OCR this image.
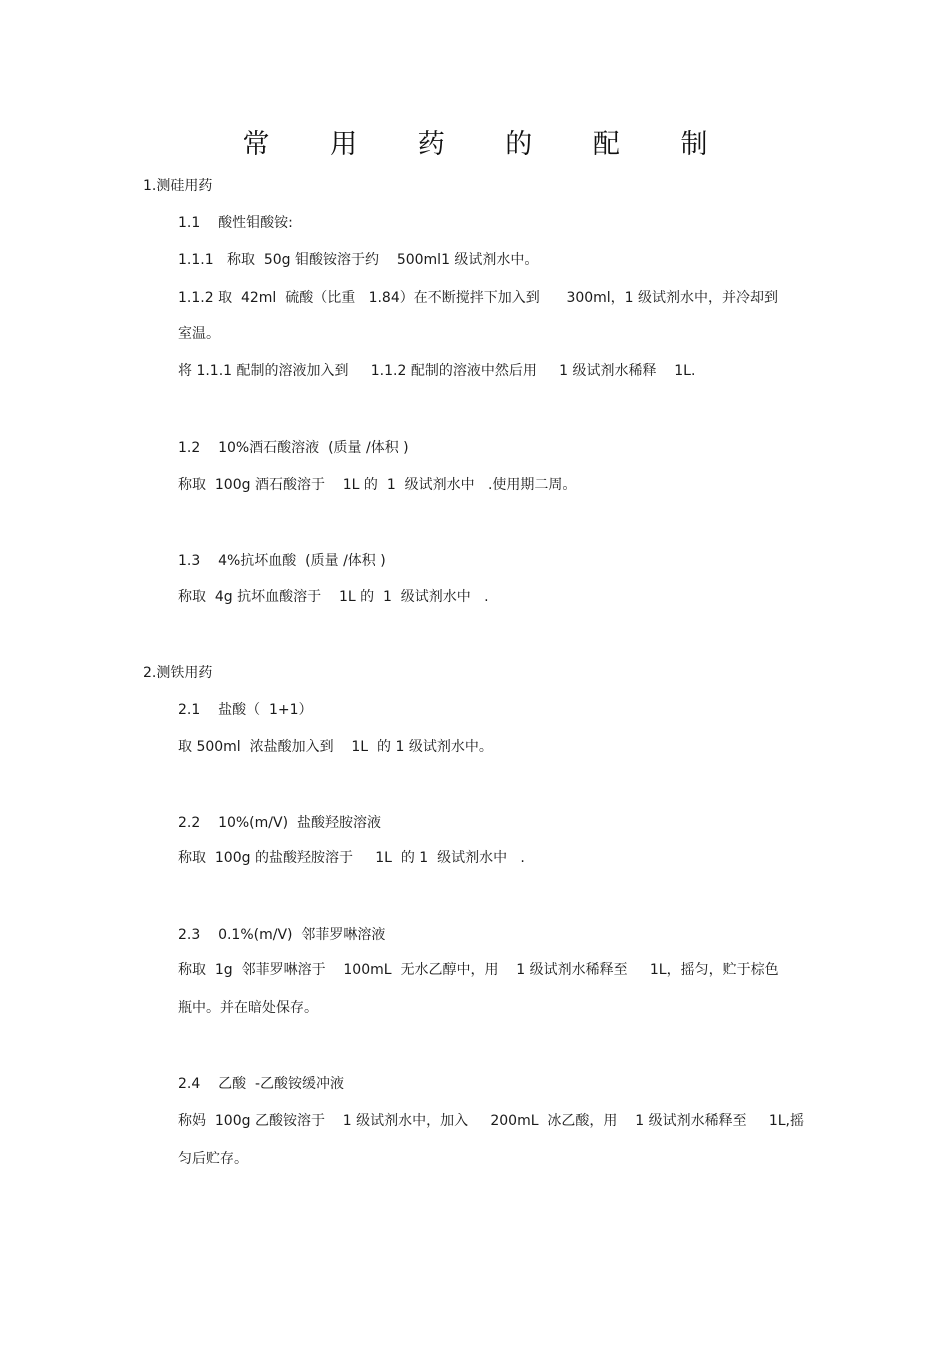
常 用 药 的 配 制
1.测硅用药
1.1    酸性钼酸铵:
1.1.1   称取  50g 钼酸铵溶于约    500ml1 级试剂水中。
1.1.2 取  42ml  硫酸（比重   1.84）在不断搅拌下加入到      300ml，1 级试剂水中，并冷却到
室温。
将 1.1.1 配制的溶液加入到     1.1.2 配制的溶液中然后用     1 级试剂水稀释    1L.
1.2    10%酒石酸溶液  (质量 /体积 )
称取  100g 酒石酸溶于    1L 的  1  级试剂水中   .使用期二周。
1.3    4%抗坏血酸  (质量 /体积 )
称取  4g 抗坏血酸溶于    1L 的  1  级试剂水中   .
2.测铁用药
2.1    盐酸（  1+1）
取 500ml  浓盐酸加入到    1L  的 1 级试剂水中。
2.2    10%(m/V)  盐酸羟胺溶液
称取  100g 的盐酸羟胺溶于     1L  的 1  级试剂水中   .
2.3    0.1%(m/V)  邻菲罗啉溶液
称取  1g  邻菲罗啉溶于    100mL  无水乙醇中，用    1 级试剂水稀释至     1L，摇匀，贮于棕色
瓶中。并在暗处保存。
2.4    乙酸  -乙酸铵缓冲液
称妈  100g 乙酸铵溶于    1 级试剂水中，加入     200mL  冰乙酸，用    1 级试剂水稀释至     1L,摇
匀后贮存。
